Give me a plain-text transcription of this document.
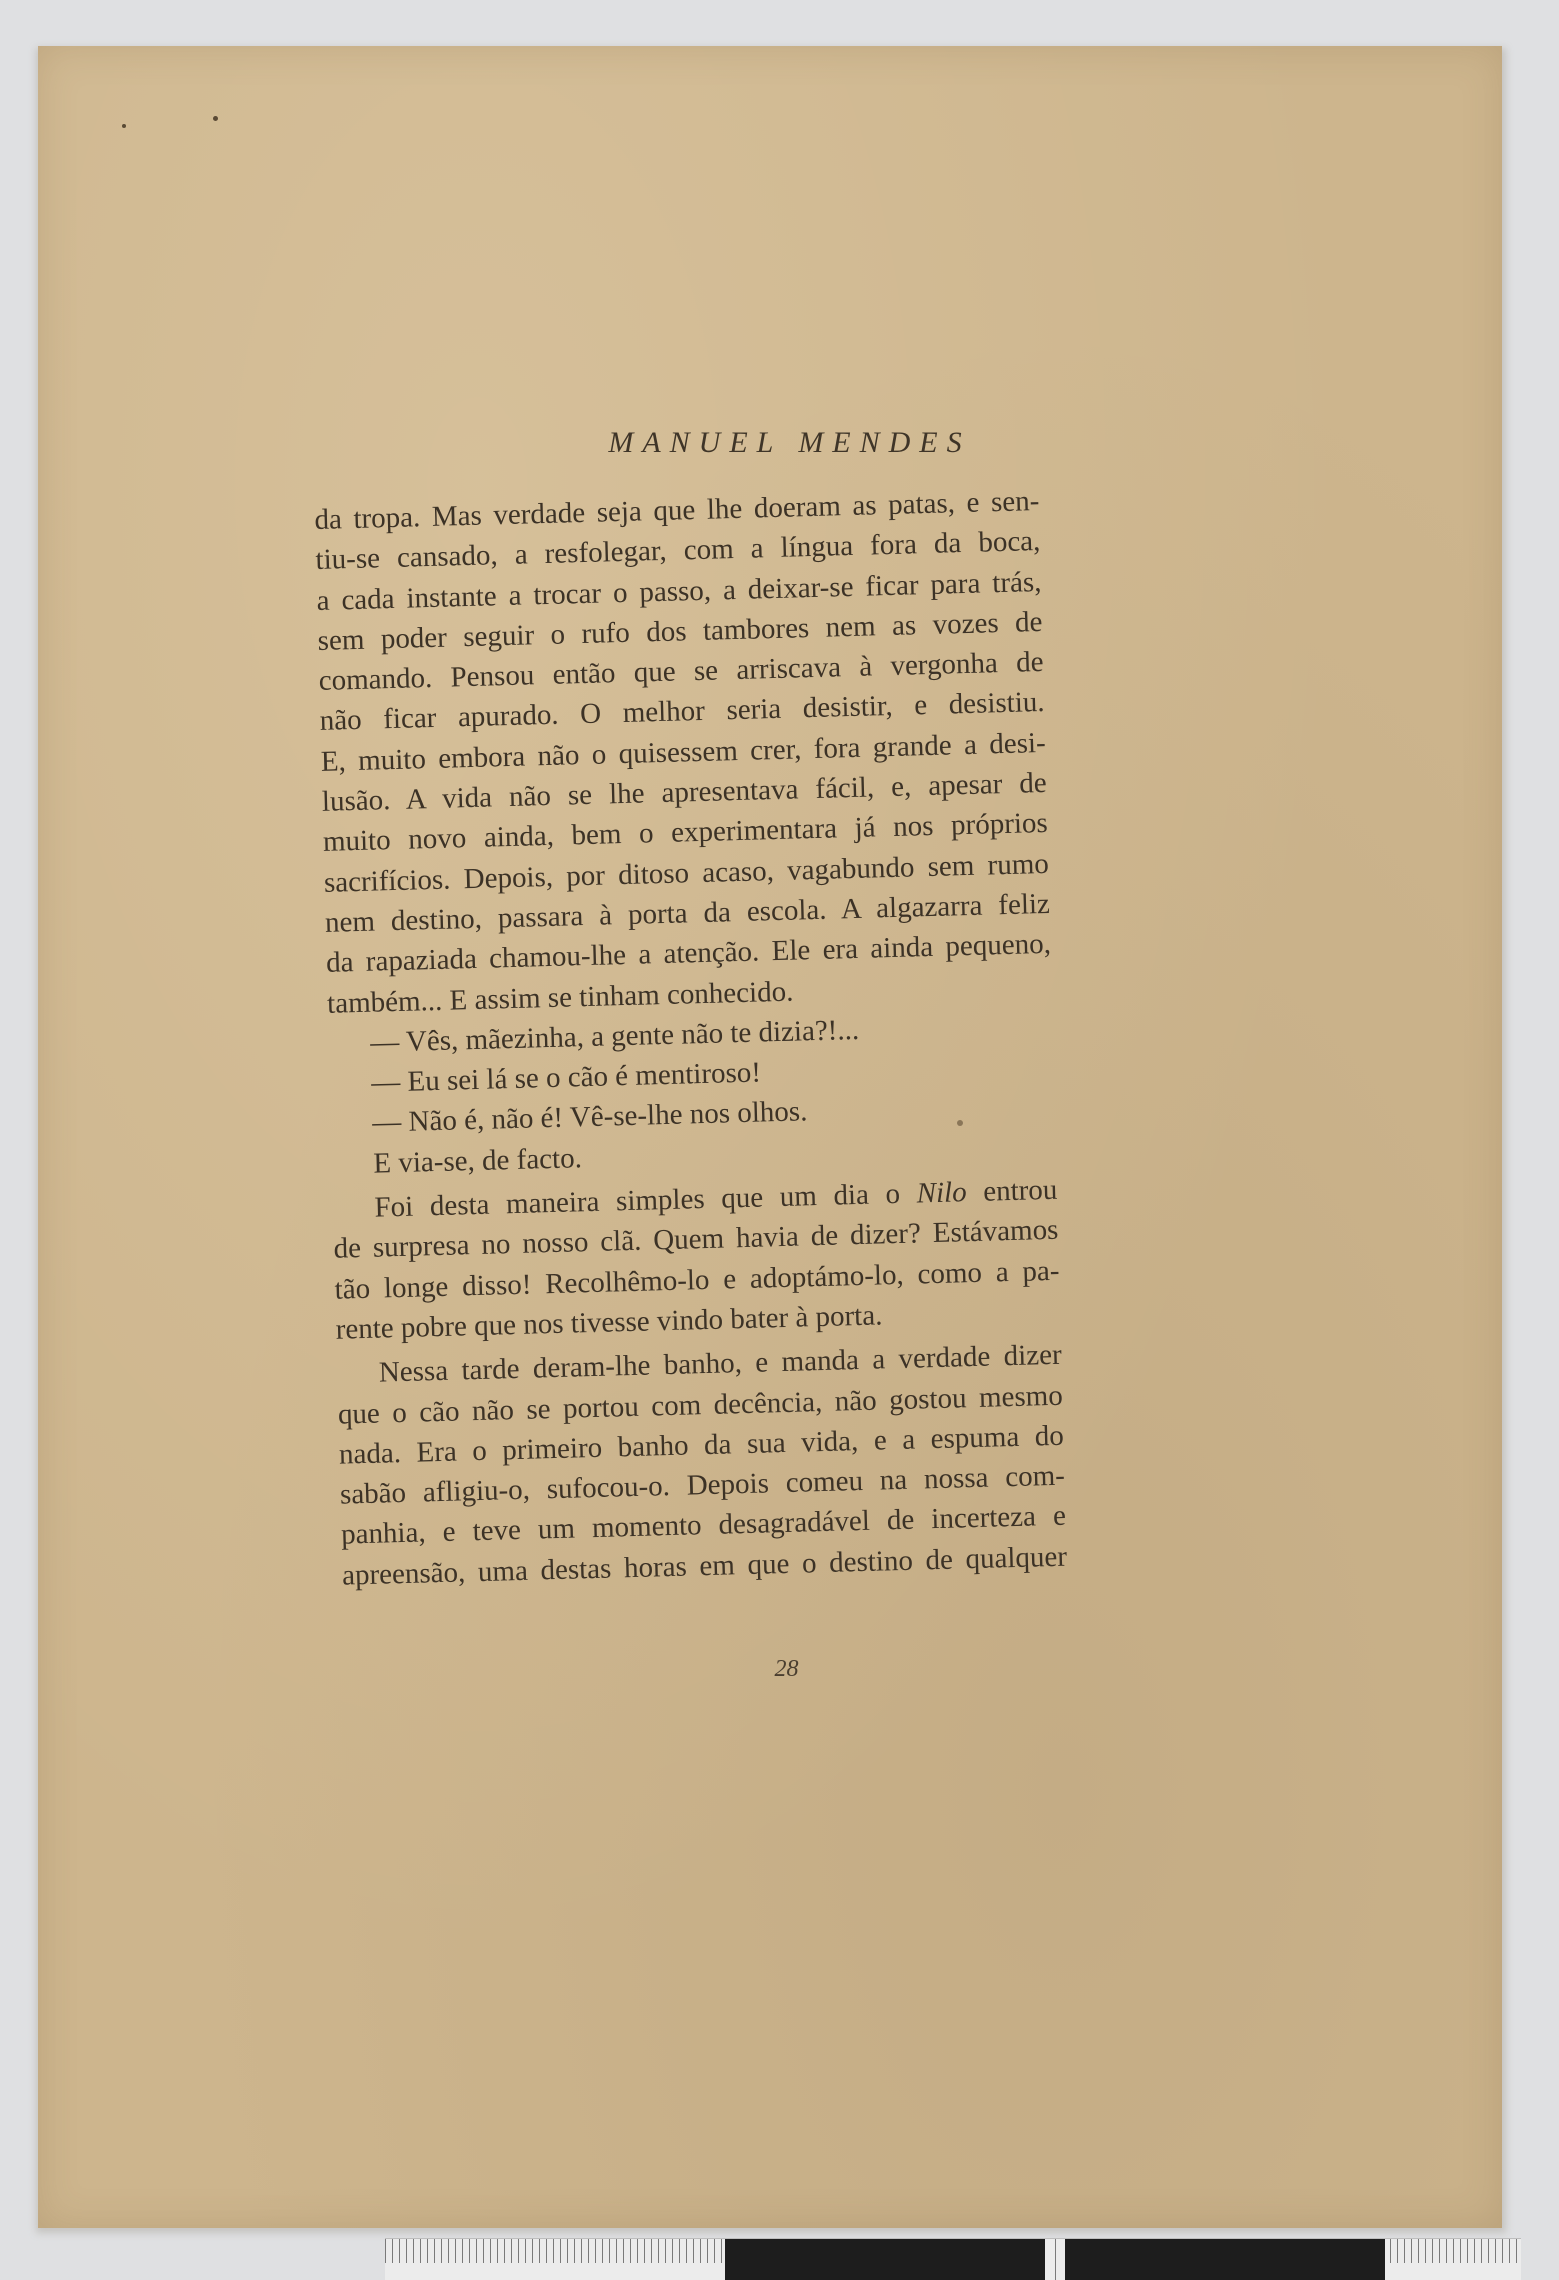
MANUEL MENDES
da tropa. Mas verdade seja que lhe doeram as patas, e sen-
tiu-se cansado, a resfolegar, com a língua fora da boca,
a cada instante a trocar o passo, a deixar-se ficar para trás,
sem poder seguir o rufo dos tambores nem as vozes de
comando. Pensou então que se arriscava à vergonha de
não ficar apurado. O melhor seria desistir, e desistiu.
E, muito embora não o quisessem crer, fora grande a desi-
lusão. A vida não se lhe apresentava fácil, e, apesar de
muito novo ainda, bem o experimentara já nos próprios
sacrifícios. Depois, por ditoso acaso, vagabundo sem rumo
nem destino, passara à porta da escola. A algazarra feliz
da rapaziada chamou-lhe a atenção. Ele era ainda pequeno,
também... E assim se tinham conhecido.
— Vês, mãezinha, a gente não te dizia?!...
— Eu sei lá se o cão é mentiroso!
— Não é, não é! Vê-se-lhe nos olhos.
E via-se, de facto.
Foi desta maneira simples que um dia o Nilo entrou
de surpresa no nosso clã. Quem havia de dizer? Estávamos
tão longe disso! Recolhêmo-lo e adoptámo-lo, como a pa-
rente pobre que nos tivesse vindo bater à porta.
Nessa tarde deram-lhe banho, e manda a verdade dizer
que o cão não se portou com decência, não gostou mesmo
nada. Era o primeiro banho da sua vida, e a espuma do
sabão afligiu-o, sufocou-o. Depois comeu na nossa com-
panhia, e teve um momento desagradável de incerteza e
apreensão, uma destas horas em que o destino de qualquer
28
